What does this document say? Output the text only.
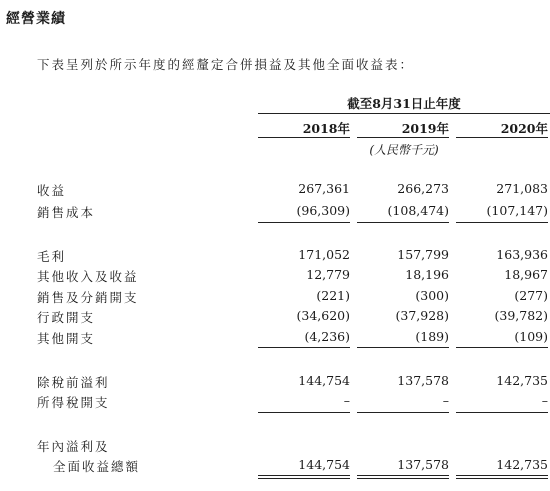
經營業績
下表呈列於所示年度的經釐定合併損益及其他全面收益表：
截至8月31日止年度
2018年	2019年	2020年
(人民幣千元)
收益	267,361	266,273	271,083
銷售成本	(96,309)	(108,474)	(107,147)
毛利	171,052	157,799	163,936
其他收入及收益	12,779	18,196	18,967
銷售及分銷開支	(221)	(300)	(277)
行政開支	(34,620)	(37,928)	(39,782)
其他開支	(4,236)	(189)	(109)
除稅前溢利	144,754	137,578	142,735
所得稅開支	–	–	–
年內溢利及
全面收益總額	144,754	137,578	142,735
